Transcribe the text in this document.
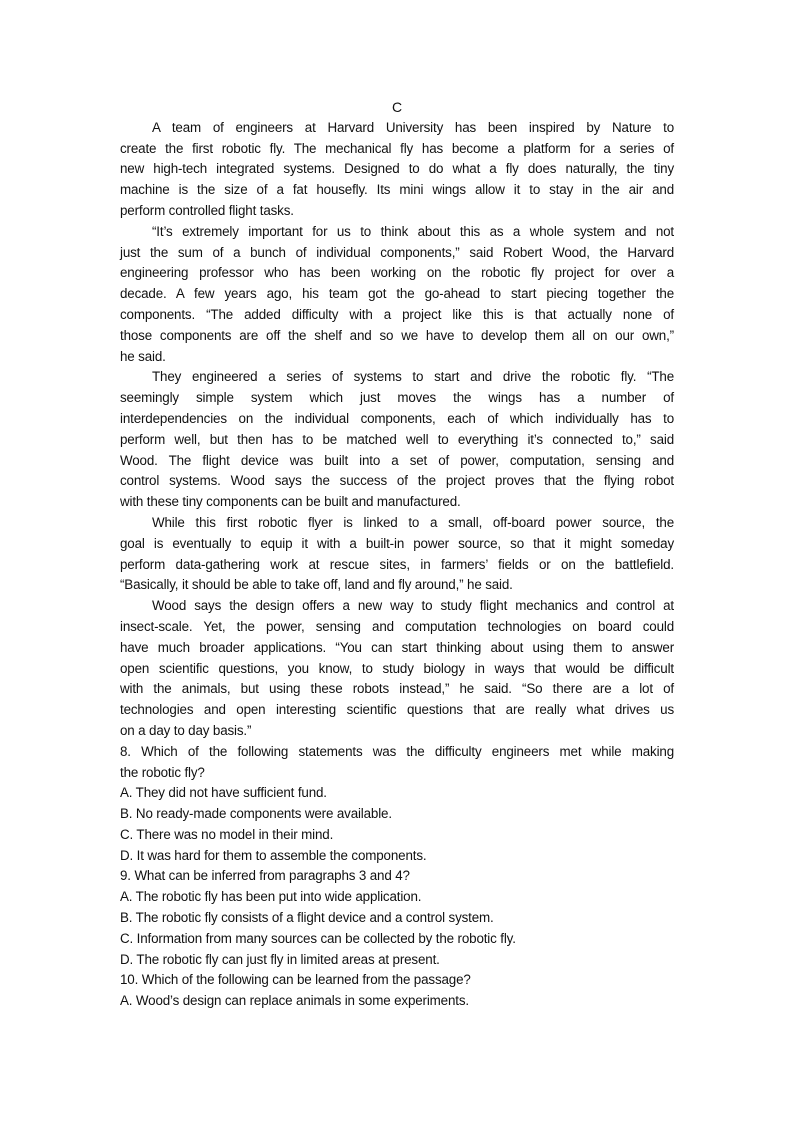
C
A team of engineers at Harvard University has been inspired by Nature to
create the first robotic fly. The mechanical fly has become a platform for a series of
new high-tech integrated systems. Designed to do what a fly does naturally, the tiny
machine is the size of a fat housefly. Its mini wings allow it to stay in the air and
perform controlled flight tasks.
“It’s extremely important for us to think about this as a whole system and not
just the sum of a bunch of individual components,” said Robert Wood, the Harvard
engineering professor who has been working on the robotic fly project for over a
decade. A few years ago, his team got the go-ahead to start piecing together the
components. “The added difficulty with a project like this is that actually none of
those components are off the shelf and so we have to develop them all on our own,”
he said.
They engineered a series of systems to start and drive the robotic fly. “The
seemingly simple system which just moves the wings has a number of
interdependencies on the individual components, each of which individually has to
perform well, but then has to be matched well to everything it’s connected to,” said
Wood. The flight device was built into a set of power, computation, sensing and
control systems. Wood says the success of the project proves that the flying robot
with these tiny components can be built and manufactured.
While this first robotic flyer is linked to a small, off-board power source, the
goal is eventually to equip it with a built-in power source, so that it might someday
perform data-gathering work at rescue sites, in farmers’ fields or on the battlefield.
“Basically, it should be able to take off, land and fly around,” he said.
Wood says the design offers a new way to study flight mechanics and control at
insect-scale. Yet, the power, sensing and computation technologies on board could
have much broader applications. “You can start thinking about using them to answer
open scientific questions, you know, to study biology in ways that would be difficult
with the animals, but using these robots instead,” he said. “So there are a lot of
technologies and open interesting scientific questions that are really what drives us
on a day to day basis.”
8. Which of the following statements was the difficulty engineers met while making
the robotic fly?
A. They did not have sufficient fund.
B. No ready-made components were available.
C. There was no model in their mind.
D. It was hard for them to assemble the components.
9. What can be inferred from paragraphs 3 and 4?
A. The robotic fly has been put into wide application.
B. The robotic fly consists of a flight device and a control system.
C. Information from many sources can be collected by the robotic fly.
D. The robotic fly can just fly in limited areas at present.
10. Which of the following can be learned from the passage?
A. Wood’s design can replace animals in some experiments.
